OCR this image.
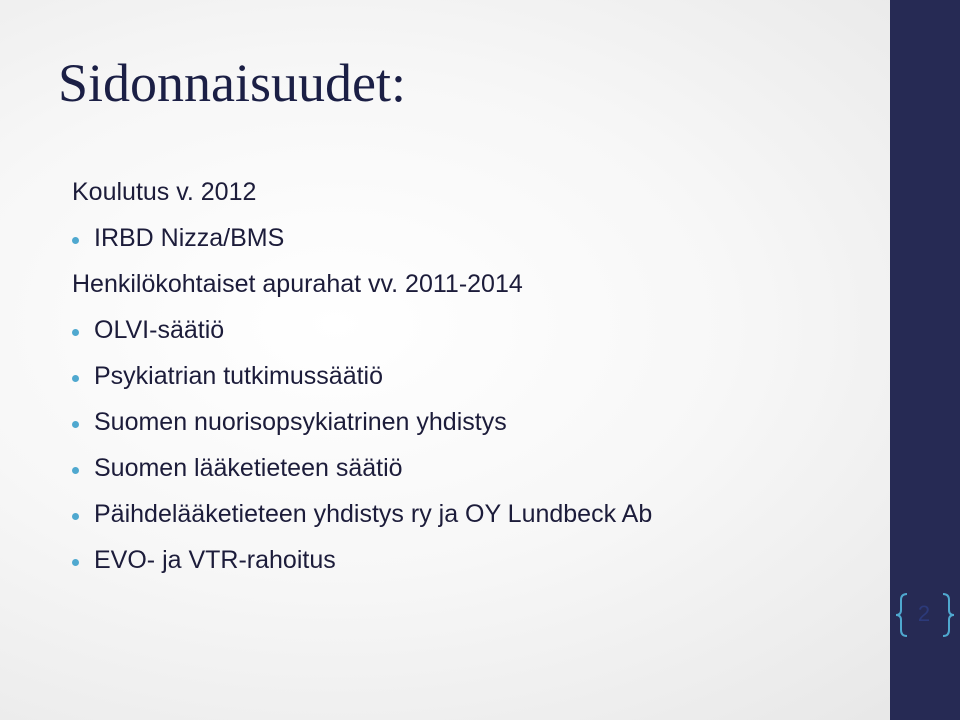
Sidonnaisuudet:
Koulutus v. 2012
IRBD Nizza/BMS
Henkilökohtaiset apurahat vv. 2011-2014
OLVI-säätiö
Psykiatrian tutkimussäätiö
Suomen nuorisopsykiatrinen yhdistys
Suomen lääketieteen säätiö
Päihdelääketieteen yhdistys ry ja OY Lundbeck Ab
EVO- ja VTR-rahoitus
2
